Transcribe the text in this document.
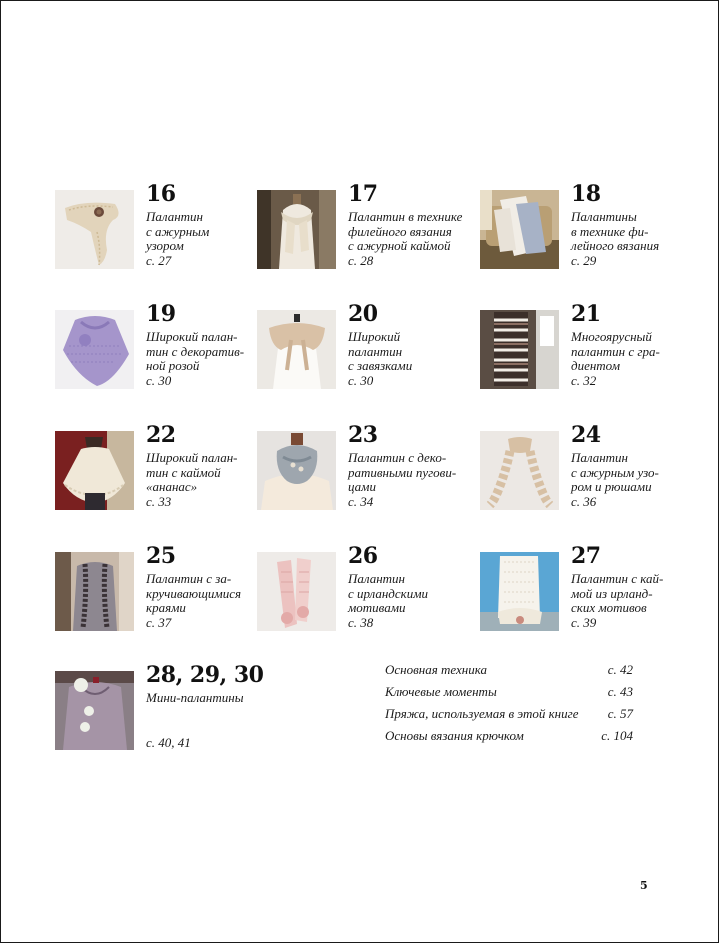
16
Палантин
с ажурным
узором
с. 27
17
Палантин в технике
филейного вязания
с ажурной каймой
с. 28
18
Палантины
в технике фи-
лейного вязания
с. 29
19
Широкий палан-
тин с декоратив-
ной розой
с. 30
20
Широкий
палантин
с завязками
с. 30
21
Многоярусный
палантин с гра-
диентом
с. 32
22
Широкий палан-
тин с каймой
«ананас»
с. 33
23
Палантин с деко-
ративными пугови-
цами
с. 34
24
Палантин
с ажурным узо-
ром и рюшами
с. 36
25
Палантин с за-
кручивающимися
краями
с. 37
26
Палантин
с ирландскими
мотивами
с. 38
27
Палантин с кай-
мой из ирланд-
ских мотивов
с. 39
28, 29, 30
Мини-палантины
с. 40, 41
Основная техника	с. 42
Ключевые моменты	с. 43
Пряжа, используемая в этой книге с. 57
Основы вязания крючком	с. 104
5
